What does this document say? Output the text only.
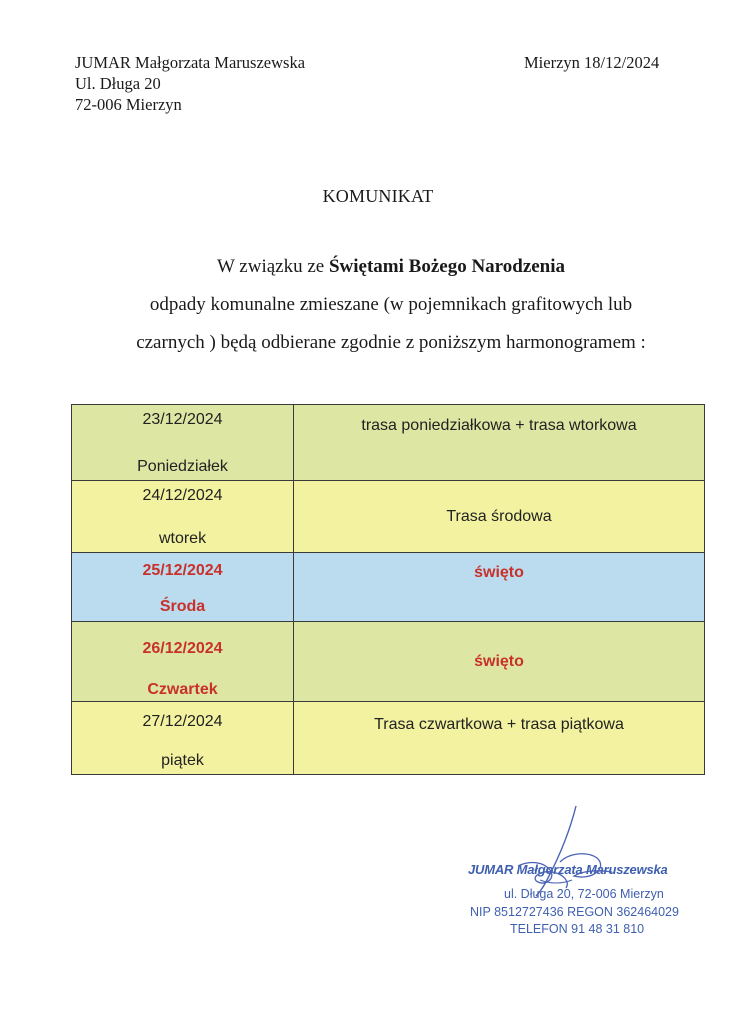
JUMAR Małgorzata Maruszewska
Ul. Długa 20
72-006 Mierzyn
Mierzyn 18/12/2024
KOMUNIKAT
W związku ze Świętami Bożego Narodzenia
odpady komunalne zmieszane (w pojemnikach grafitowych lub
czarnych ) będą odbierane zgodnie z poniższym harmonogramem :
23/12/2024
Poniedziałek	trasa poniedziałkowa + trasa wtorkowa

24/12/2024
wtorek	Trasa środowa

25/12/2024
Środa	święto

26/12/2024
Czwartek	święto

27/12/2024
piątek	Trasa czwartkowa + trasa piątkowa
JUMAR Małgorzata Maruszewska
ul. Długa 20, 72-006 Mierzyn
NIP 8512727436 REGON 362464029
TELEFON 91 48 31 810
